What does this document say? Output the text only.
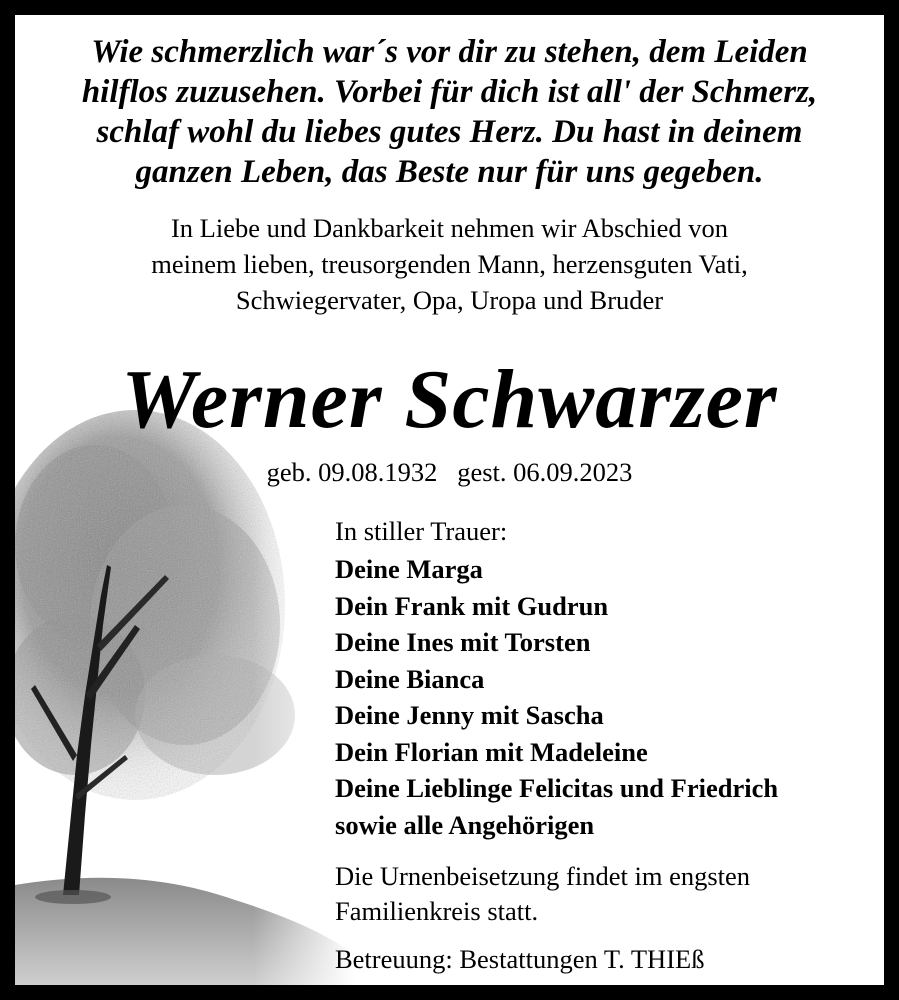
Wie schmerzlich war´s vor dir zu stehen, dem Leiden
hilflos zuzusehen. Vorbei für dich ist all' der Schmerz,
schlaf wohl du liebes gutes Herz. Du hast in deinem
ganzen Leben, das Beste nur für uns gegeben.
In Liebe und Dankbarkeit nehmen wir Abschied von
meinem lieben, treusorgenden Mann, herzensguten Vati,
Schwiegervater, Opa, Uropa und Bruder
Werner Schwarzer
geb. 09.08.1932   gest. 06.09.2023
In stiller Trauer:
Deine Marga
Dein Frank mit Gudrun
Deine Ines mit Torsten
Deine Bianca
Deine Jenny mit Sascha
Dein Florian mit Madeleine
Deine Lieblinge Felicitas und Friedrich
sowie alle Angehörigen
Die Urnenbeisetzung findet im engsten
Familienkreis statt.
Betreuung: Bestattungen T. THIEß
